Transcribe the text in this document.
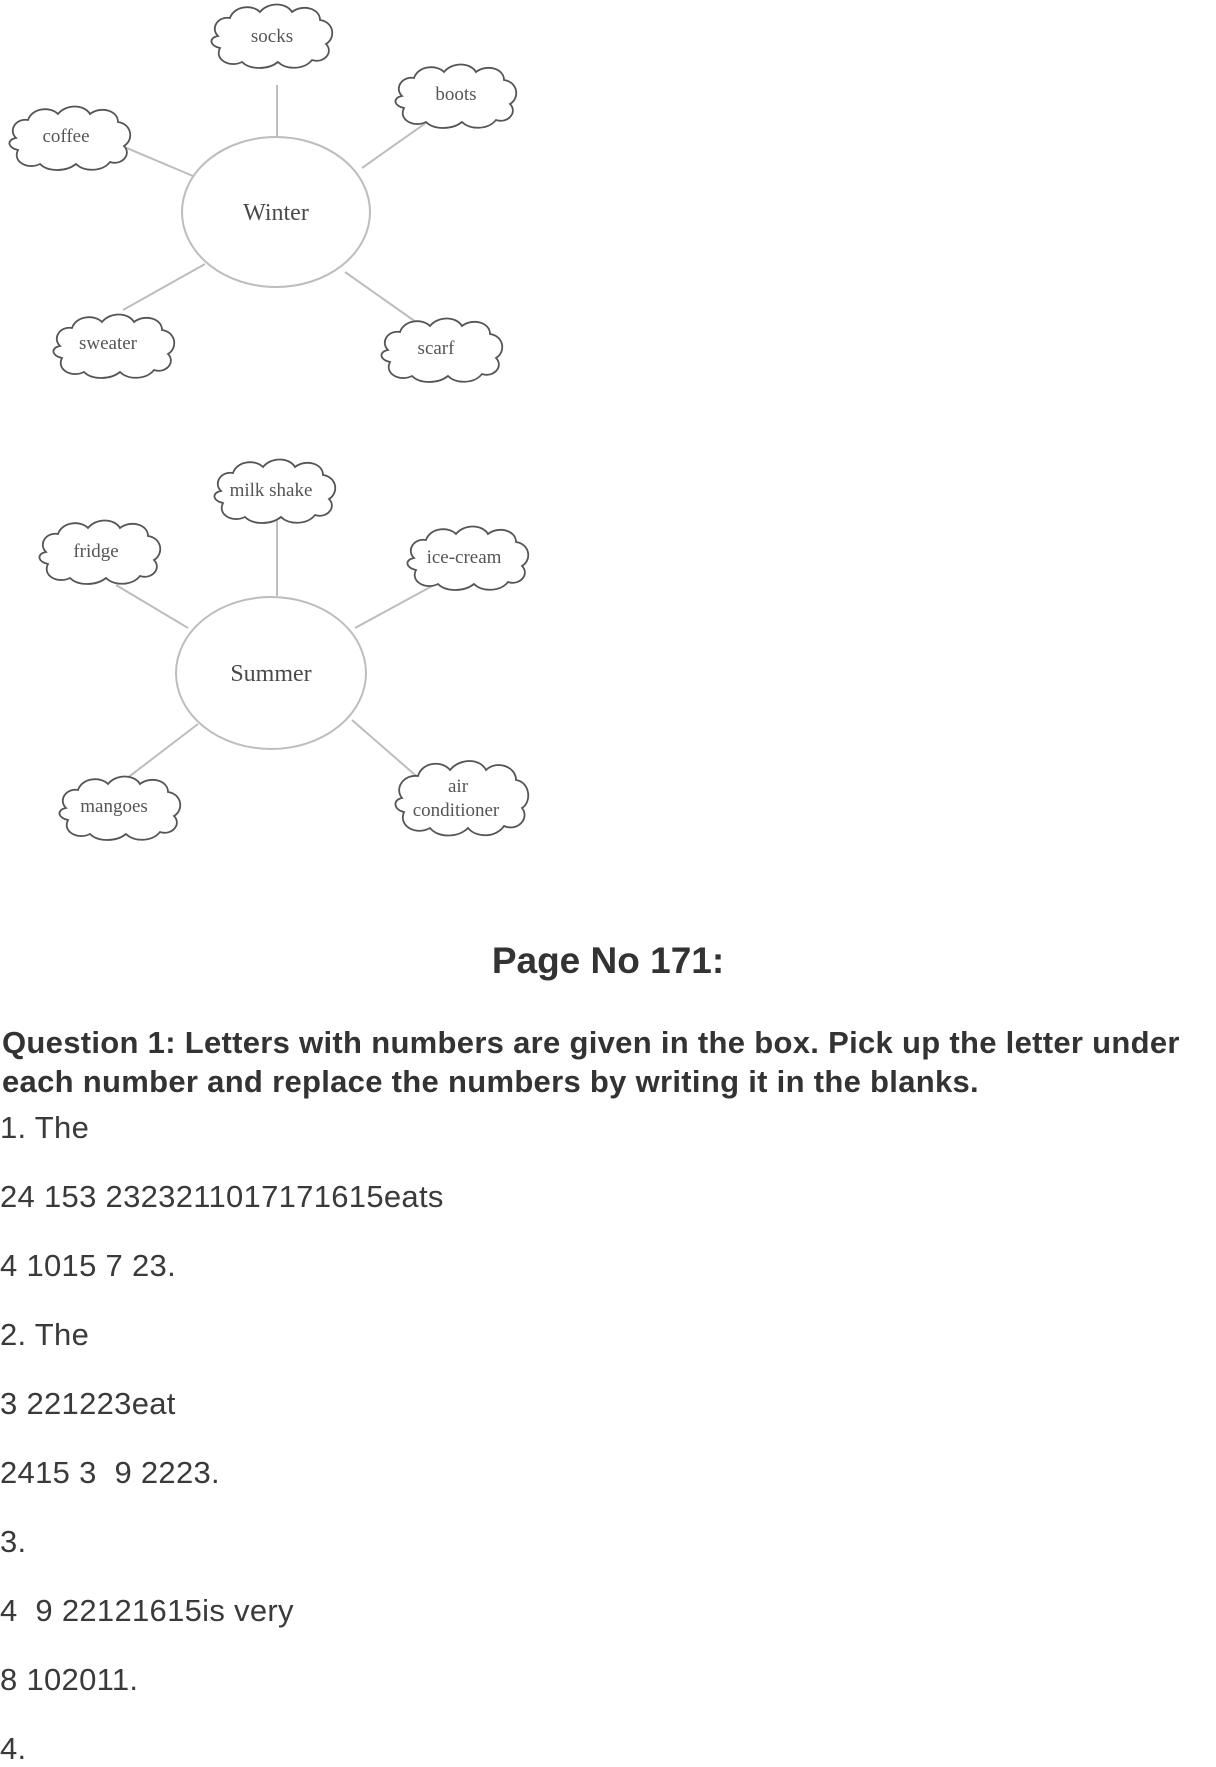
Winter
socks
boots
coffee
sweater	scarf
Summer
milk shake
fridge	ice-cream
mangoes
air
conditioner
Page No 171:
Question 1: Letters with numbers are given in the box. Pick up the letter under each number and replace the numbers by writing it in the blanks.
1. The
24 153 2323211017171615eats
4 1015 7 23.
2. The
3 221223eat
2415 3  9 2223.
3.
4  9 22121615is very
8 102011.
4.
